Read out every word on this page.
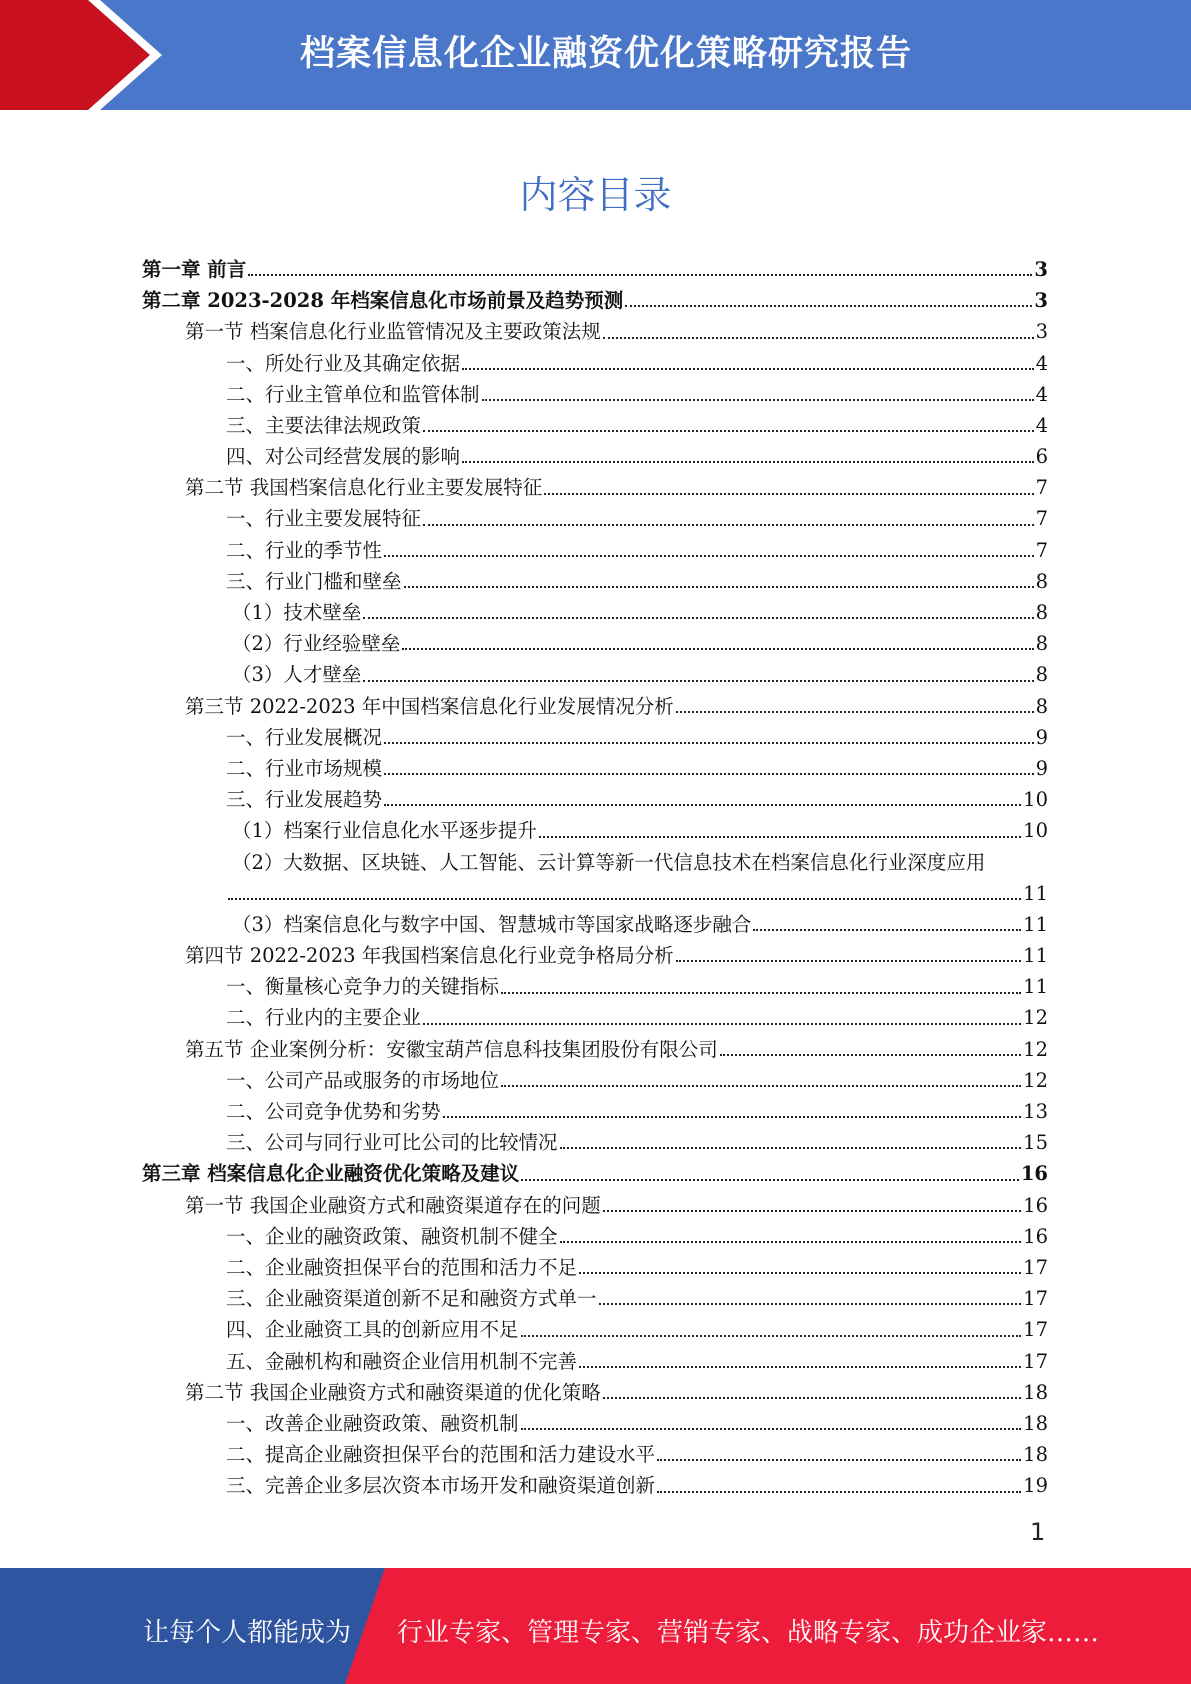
档案信息化企业融资优化策略研究报告
内容目录
第一章 前言	3
第二章 2023-2028 年档案信息化市场前景及趋势预测	3
第一节 档案信息化行业监管情况及主要政策法规	3
一、所处行业及其确定依据	4
二、行业主管单位和监管体制	4
三、主要法律法规政策	4
四、对公司经营发展的影响	6
第二节 我国档案信息化行业主要发展特征	7
一、行业主要发展特征	7
二、行业的季节性	7
三、行业门槛和壁垒	8
（1）技术壁垒	8
（2）行业经验壁垒	8
（3）人才壁垒	8
第三节 2022-2023 年中国档案信息化行业发展情况分析	8
一、行业发展概况	9
二、行业市场规模	9
三、行业发展趋势	10
（1）档案行业信息化水平逐步提升	10
（2）大数据、区块链、人工智能、云计算等新一代信息技术在档案信息化行业深度应用
11
（3）档案信息化与数字中国、智慧城市等国家战略逐步融合	11
第四节 2022-2023 年我国档案信息化行业竞争格局分析	11
一、衡量核心竞争力的关键指标	11
二、行业内的主要企业	12
第五节 企业案例分析：安徽宝葫芦信息科技集团股份有限公司	12
一、公司产品或服务的市场地位	12
二、公司竞争优势和劣势	13
三、公司与同行业可比公司的比较情况	15
第三章 档案信息化企业融资优化策略及建议	16
第一节 我国企业融资方式和融资渠道存在的问题	16
一、企业的融资政策、融资机制不健全	16
二、企业融资担保平台的范围和活力不足	17
三、企业融资渠道创新不足和融资方式单一	17
四、企业融资工具的创新应用不足	17
五、金融机构和融资企业信用机制不完善	17
第二节 我国企业融资方式和融资渠道的优化策略	18
一、改善企业融资政策、融资机制	18
二、提高企业融资担保平台的范围和活力建设水平	18
三、完善企业多层次资本市场开发和融资渠道创新	19
1
让每个人都能成为 行业专家、管理专家、营销专家、战略专家、成功企业家……
